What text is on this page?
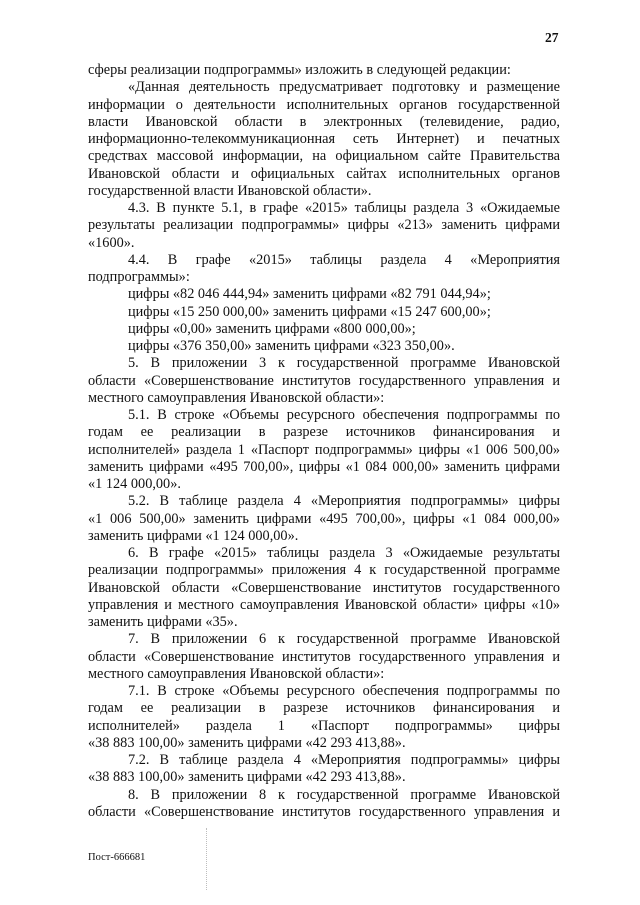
27
сферы реализации подпрограммы» изложить в следующей редакции:
«Данная деятельность предусматривает подготовку и размещение
информации о деятельности исполнительных органов государственной
власти Ивановской области в электронных (телевидение, радио,
информационно-телекоммуникационная сеть Интернет) и печатных
средствах массовой информации, на официальном сайте Правительства
Ивановской области и официальных сайтах исполнительных органов
государственной власти Ивановской области».
4.3. В пункте 5.1, в графе «2015» таблицы раздела 3 «Ожидаемые
результаты реализации подпрограммы» цифры «213» заменить цифрами
«1600».
4.4. В графе «2015» таблицы раздела 4 «Мероприятия
подпрограммы»:
цифры «82 046 444,94» заменить цифрами «82 791 044,94»;
цифры «15 250 000,00» заменить цифрами «15 247 600,00»;
цифры «0,00» заменить цифрами «800 000,00»;
цифры «376 350,00» заменить цифрами «323 350,00».
5. В приложении 3 к государственной программе Ивановской
области «Совершенствование институтов государственного управления и
местного самоуправления Ивановской области»:
5.1. В строке «Объемы ресурсного обеспечения подпрограммы по
годам ее реализации в разрезе источников финансирования и
исполнителей» раздела 1 «Паспорт подпрограммы» цифры «1 006 500,00»
заменить цифрами «495 700,00», цифры «1 084 000,00» заменить цифрами
«1 124 000,00».
5.2. В таблице раздела 4 «Мероприятия подпрограммы» цифры
«1 006 500,00» заменить цифрами «495 700,00», цифры «1 084 000,00»
заменить цифрами «1 124 000,00».
6. В графе «2015» таблицы раздела 3 «Ожидаемые результаты
реализации подпрограммы» приложения 4 к государственной программе
Ивановской области «Совершенствование институтов государственного
управления и местного самоуправления Ивановской области» цифры «10»
заменить цифрами «35».
7. В приложении 6 к государственной программе Ивановской
области «Совершенствование институтов государственного управления и
местного самоуправления Ивановской области»:
7.1. В строке «Объемы ресурсного обеспечения подпрограммы по
годам ее реализации в разрезе источников финансирования и
исполнителей» раздела 1 «Паспорт подпрограммы» цифры
«38 883 100,00» заменить цифрами «42 293 413,88».
7.2. В таблице раздела 4 «Мероприятия подпрограммы» цифры
«38 883 100,00» заменить цифрами «42 293 413,88».
8. В приложении 8 к государственной программе Ивановской
области «Совершенствование институтов государственного управления и
Пост-666681
